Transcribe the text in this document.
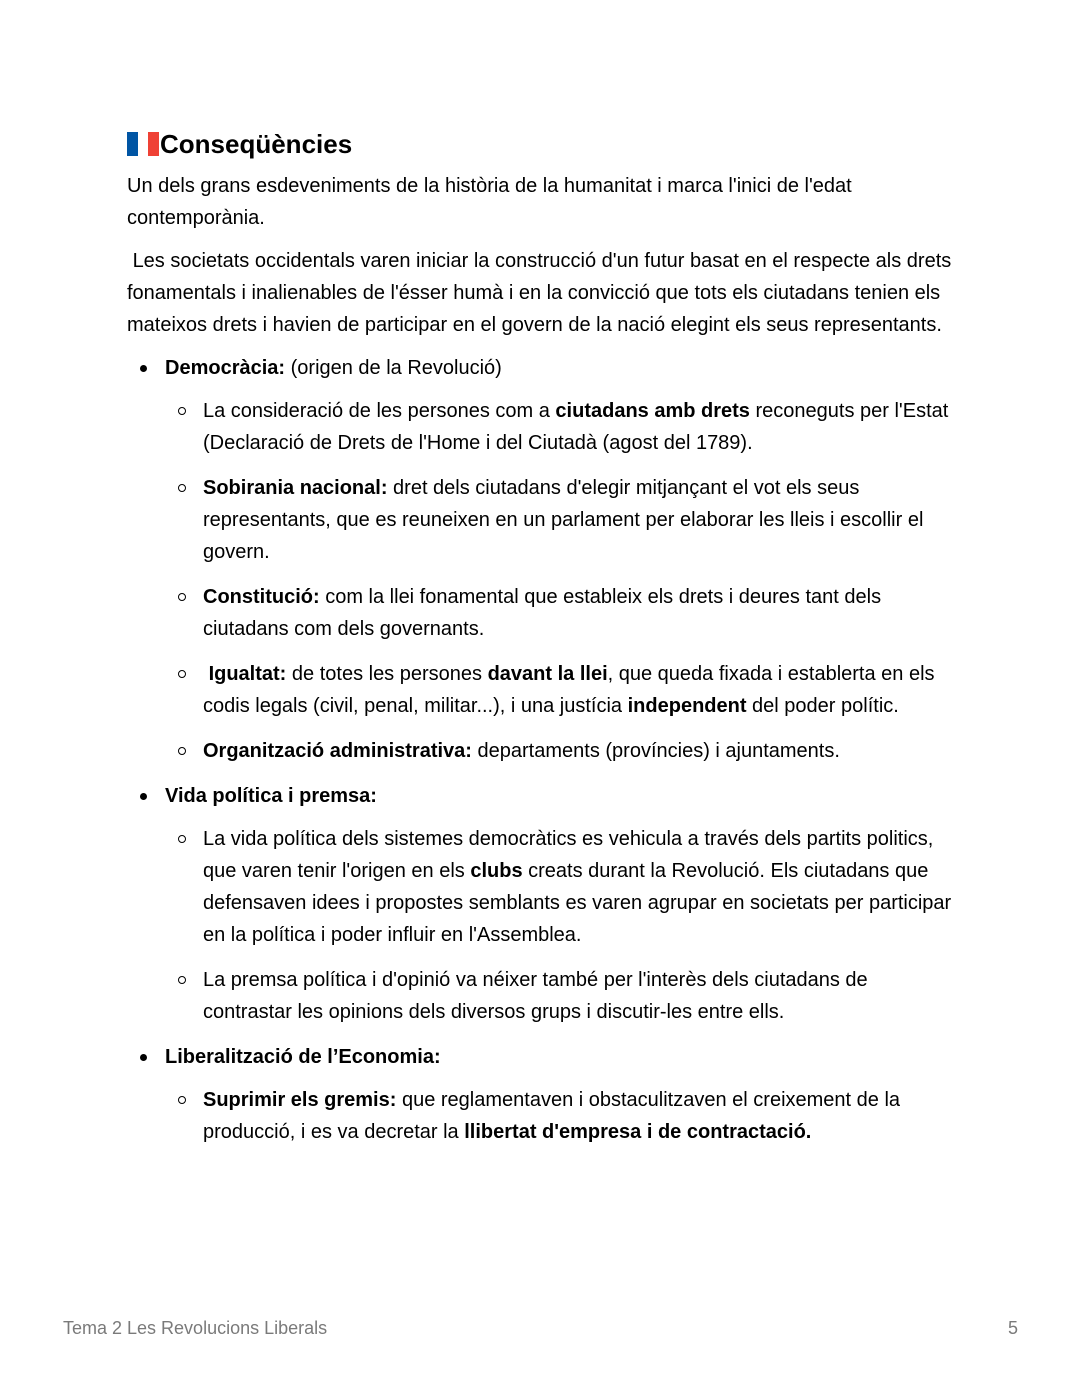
Conseqüències

Un dels grans esdeveniments de la història de la humanitat i marca l'inici de l'edat contemporània.

Les societats occidentals varen iniciar la construcció d'un futur basat en el respecte als drets fonamentals i inalienables de l'ésser humà i en la convicció que tots els ciutadans tenien els mateixos drets i havien de participar en el govern de la nació elegint els seus representants.

Democràcia: (origen de la Revolució)
La consideració de les persones com a ciutadans amb drets reconeguts per l'Estat (Declaració de Drets de l'Home i del Ciutadà (agost del 1789).
Sobirania nacional: dret dels ciutadans d'elegir mitjançant el vot els seus representants, que es reuneixen en un parlament per elaborar les lleis i escollir el govern.
Constitució: com la llei fonamental que estableix els drets i deures tant dels ciutadans com dels governants.
Igualtat: de totes les persones davant la llei, que queda fixada i establerta en els codis legals (civil, penal, militar...), i una justícia independent del poder polític.
Organització administrativa: departaments (províncies) i ajuntaments.
Vida política i premsa:
La vida política dels sistemes democràtics es vehicula a través dels partits politics, que varen tenir l'origen en els clubs creats durant la Revolució. Els ciutadans que defensaven idees i propostes semblants es varen agrupar en societats per participar en la política i poder influir en l'Assemblea.
La premsa política i d'opinió va néixer també per l'interès dels ciutadans de contrastar les opinions dels diversos grups i discutir-les entre ells.
Liberalització de l’Economia:
Suprimir els gremis: que reglamentaven i obstaculitzaven el creixement de la producció, i es va decretar la llibertat d'empresa i de contractació.
Tema 2 Les Revolucions Liberals	5
